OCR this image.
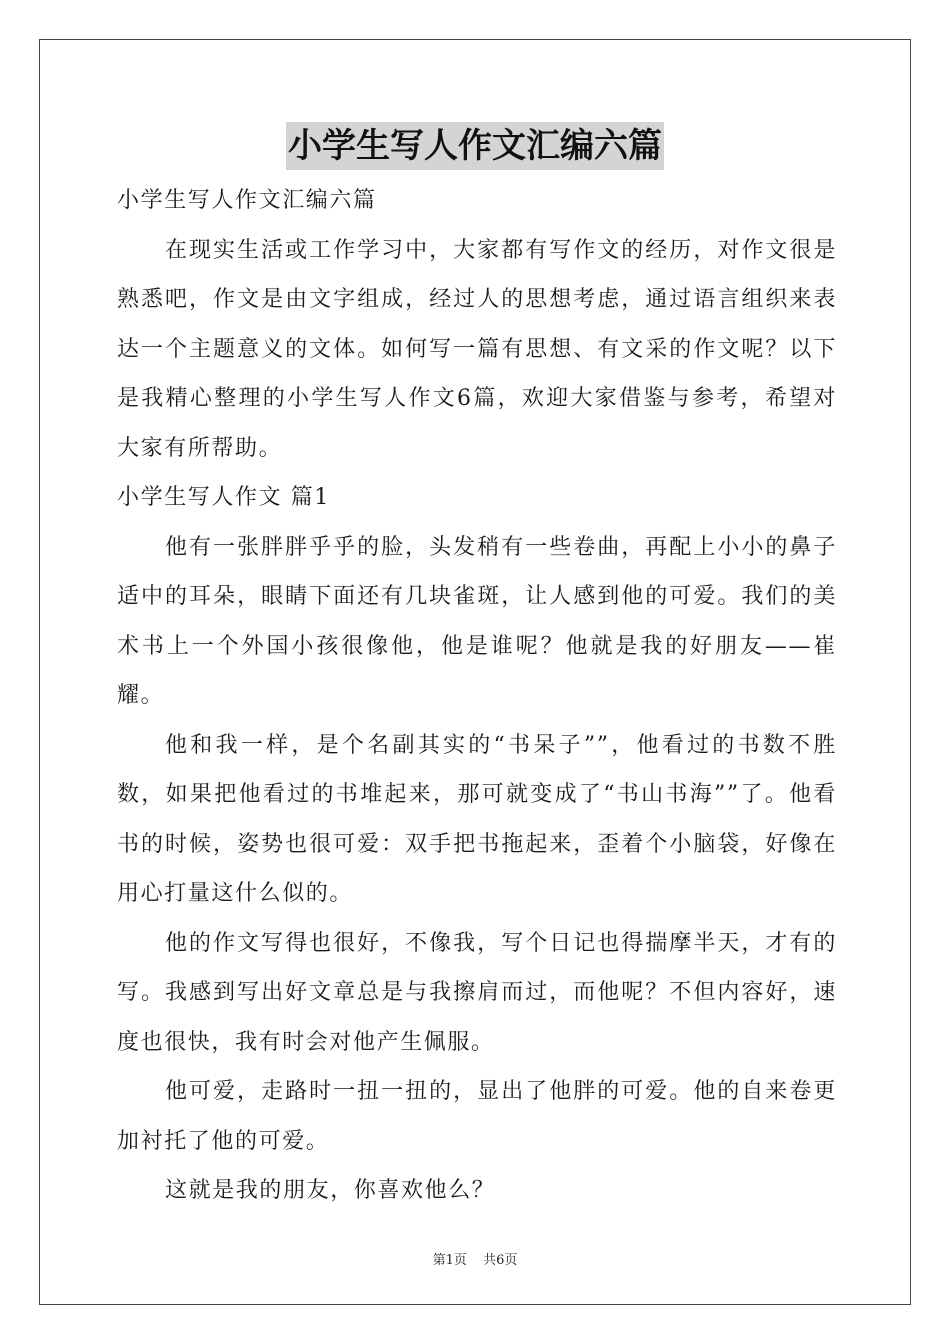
小学生写人作文汇编六篇

小学生写人作文汇编六篇

在现实生活或工作学习中，大家都有写作文的经历，对作文很是熟悉吧，作文是由文字组成，经过人的思想考虑，通过语言组织来表达一个主题意义的文体。如何写一篇有思想、有文采的作文呢？以下是我精心整理的小学生写人作文6篇，欢迎大家借鉴与参考，希望对大家有所帮助。

小学生写人作文 篇1

他有一张胖胖乎乎的脸，头发稍有一些卷曲，再配上小小的鼻子适中的耳朵，眼睛下面还有几块雀斑，让人感到他的可爱。我们的美术书上一个外国小孩很像他，他是谁呢？他就是我的好朋友——崔耀。

他和我一样，是个名副其实的“书呆子””，他看过的书数不胜数，如果把他看过的书堆起来，那可就变成了“书山书海””了。他看书的时候，姿势也很可爱：双手把书拖起来，歪着个小脑袋，好像在用心打量这什么似的。

他的作文写得也很好，不像我，写个日记也得揣摩半天，才有的写。我感到写出好文章总是与我擦肩而过，而他呢？不但内容好，速度也很快，我有时会对他产生佩服。

他可爱，走路时一扭一扭的，显出了他胖的可爱。他的自来卷更加衬托了他的可爱。

这就是我的朋友，你喜欢他么？

第1页 共6页
